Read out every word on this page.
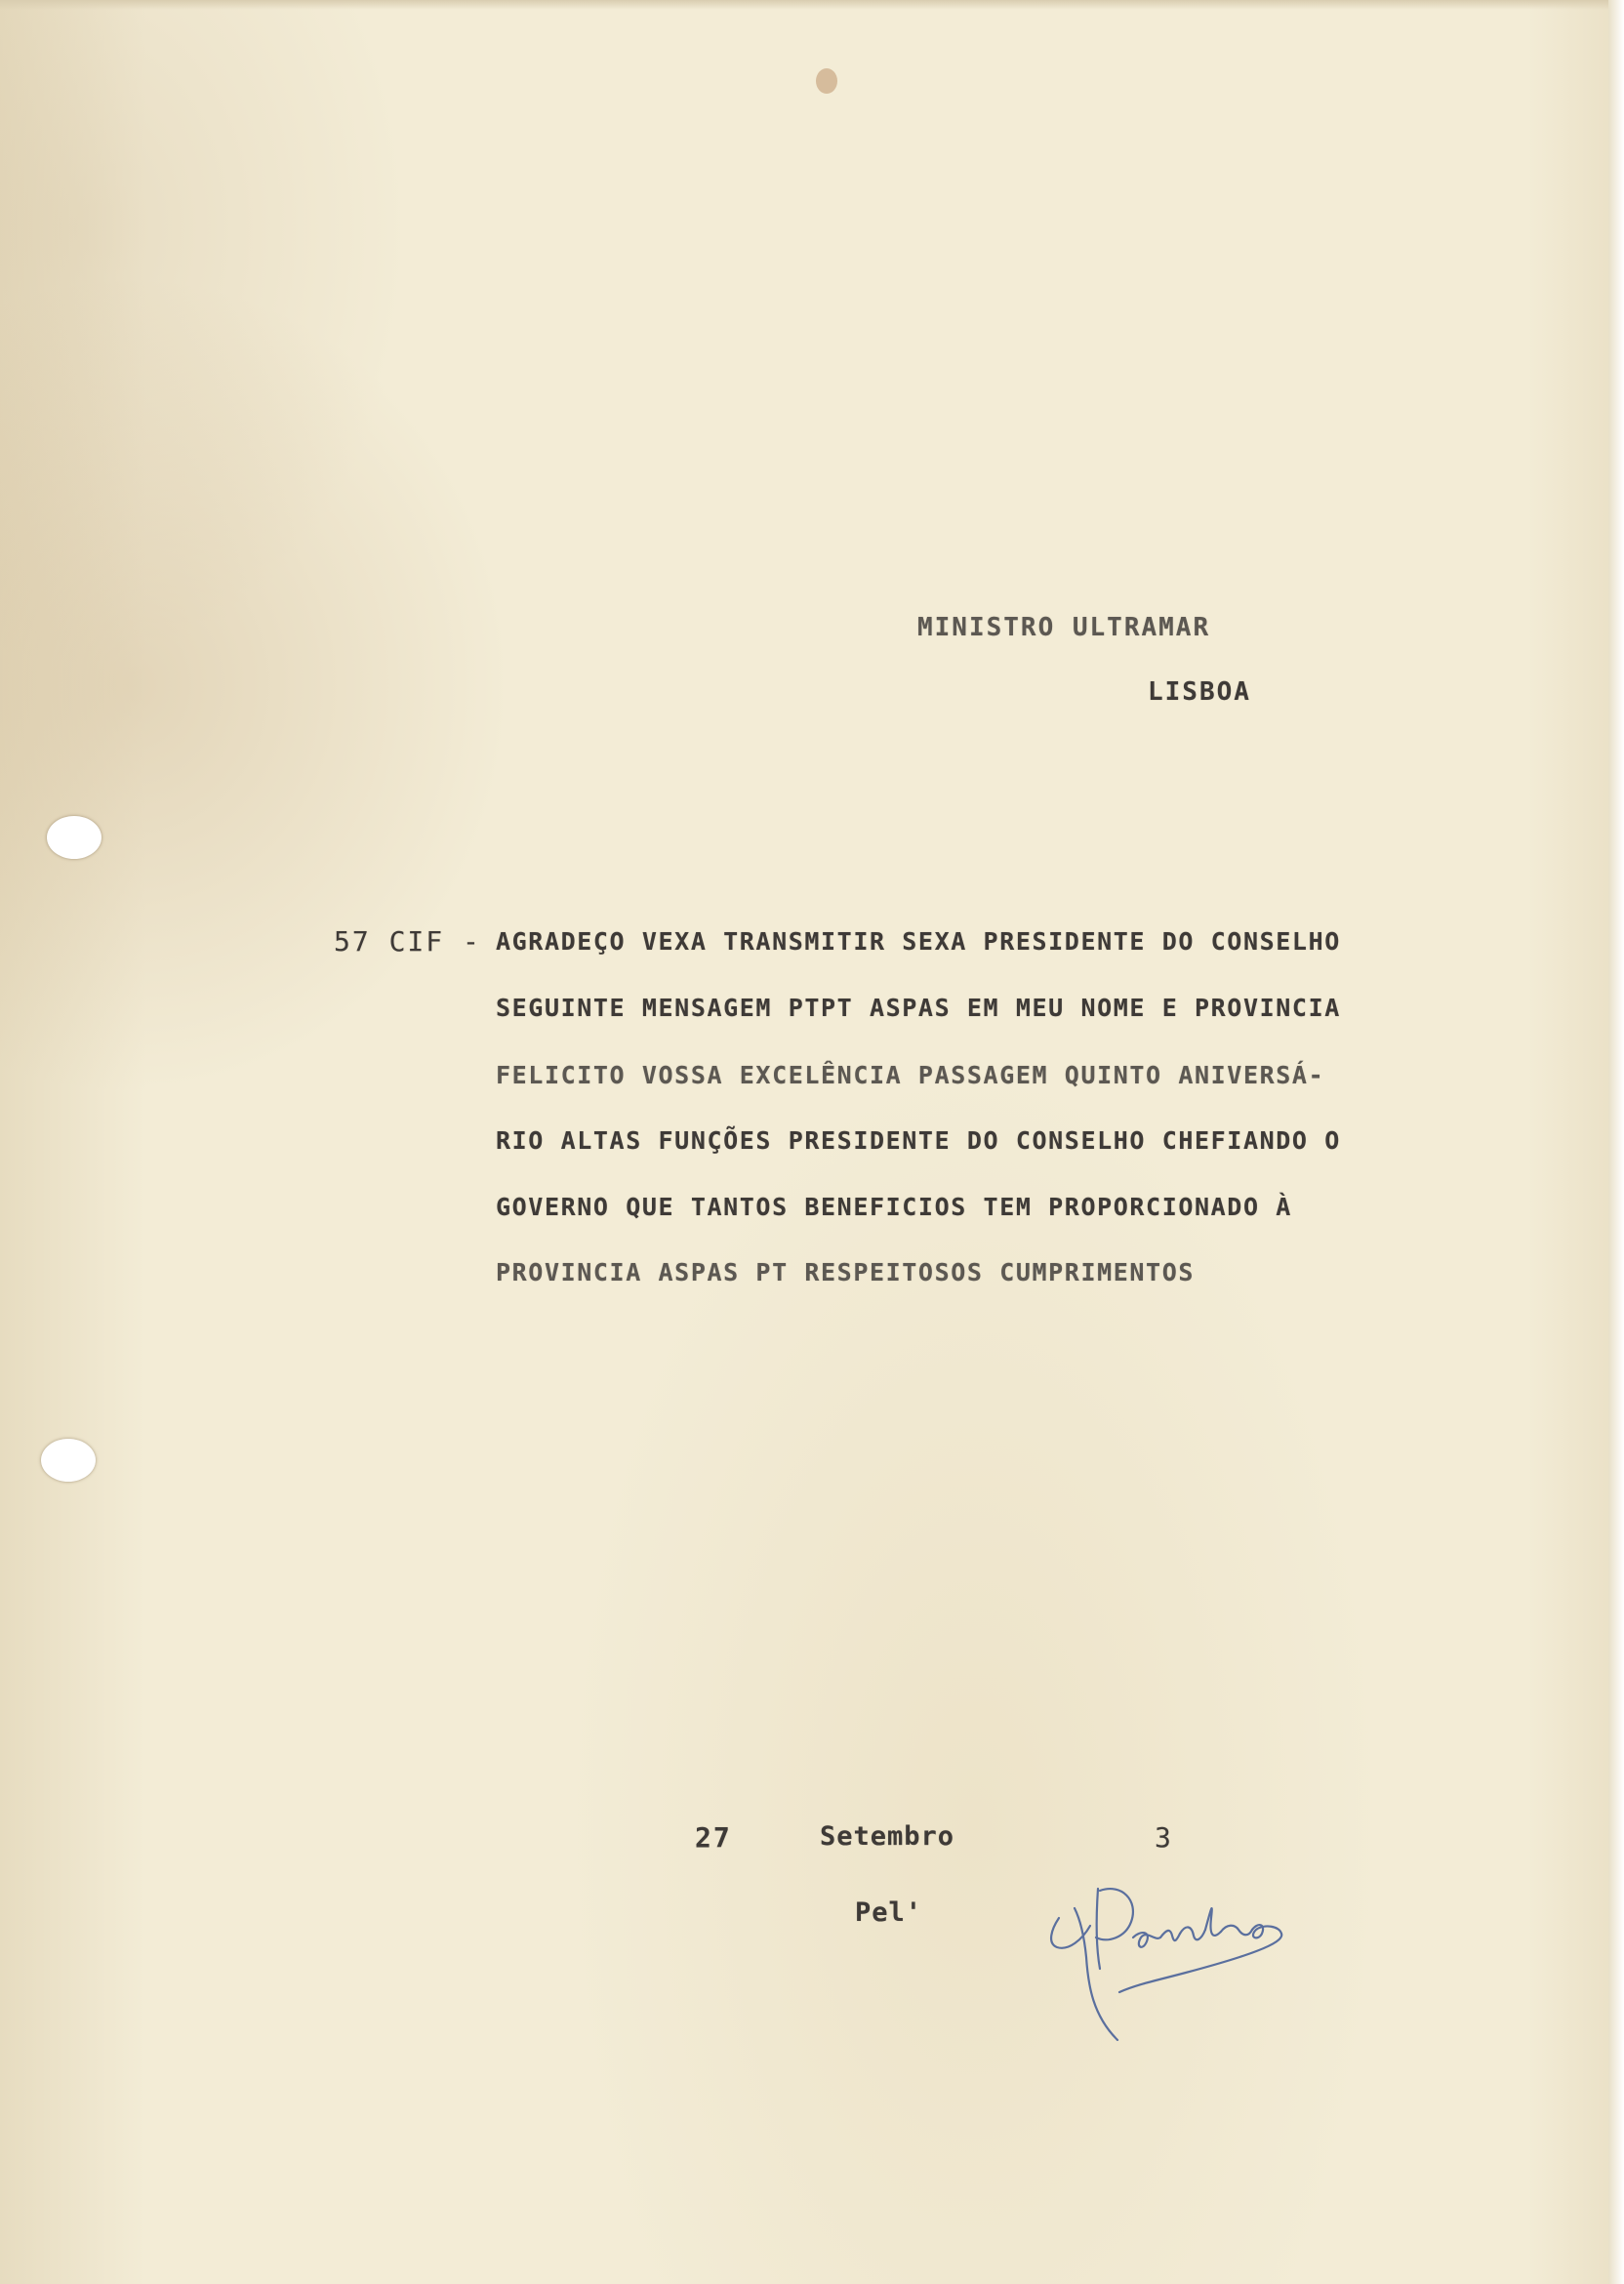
MINISTRO ULTRAMAR

LISBOA

57 CIF - AGRADEÇO VEXA TRANSMITIR SEXA PRESIDENTE DO CONSELHO

SEGUINTE MENSAGEM PTPT ASPAS EM MEU NOME E PROVINCIA

FELICITO VOSSA EXCELÊNCIA PASSAGEM QUINTO ANIVERSÁ-

RIO ALTAS FUNÇÕES PRESIDENTE DO CONSELHO CHEFIANDO O

GOVERNO QUE TANTOS BENEFICIOS TEM PROPORCIONADO À

PROVINCIA ASPAS PT RESPEITOSOS CUMPRIMENTOS

27	Setembro	3

Pel'
